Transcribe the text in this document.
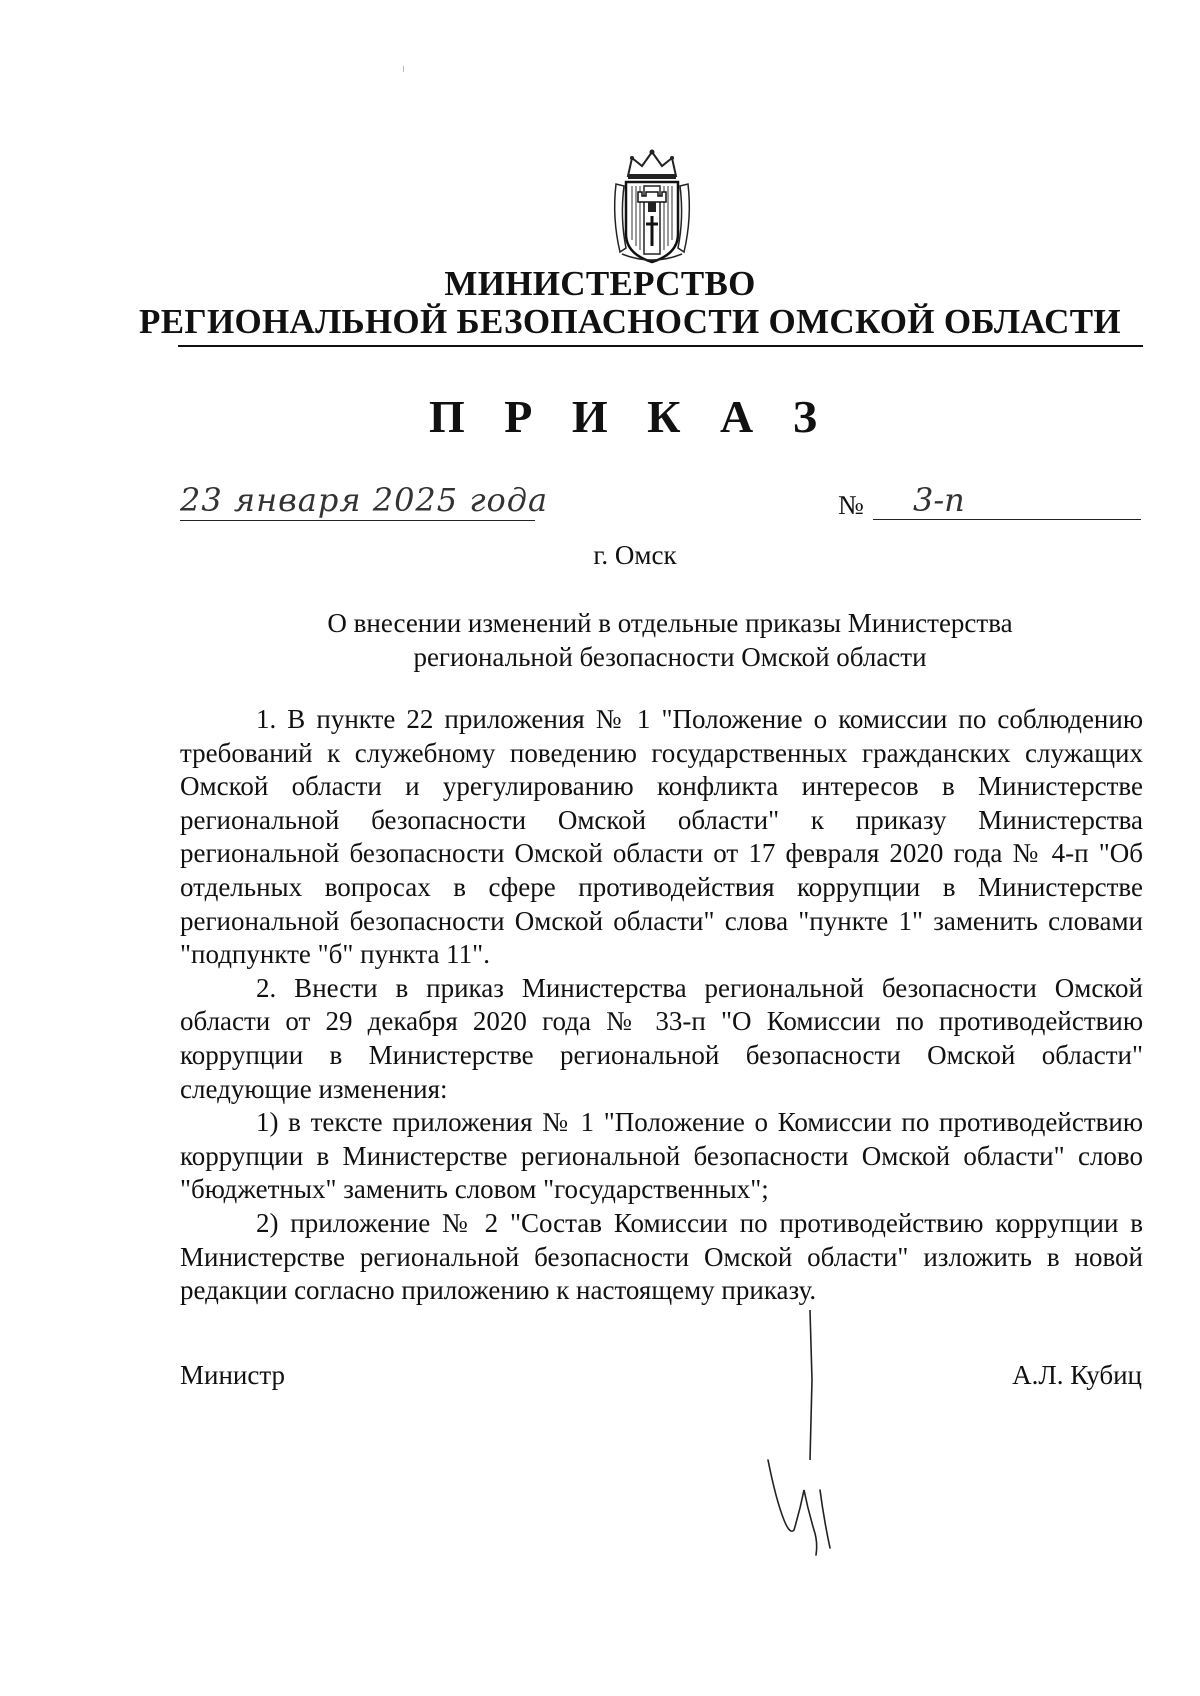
МИНИСТЕРСТВО
РЕГИОНАЛЬНОЙ БЕЗОПАСНОСТИ ОМСКОЙ ОБЛАСТИ
П Р И К А З
23 января 2025 года	№	3-п
г. Омск
О внесении изменений в отдельные приказы Министерства
региональной безопасности Омской области

1. В пункте 22 приложения № 1 "Положение о комиссии по соблюдению требований к служебному поведению государственных гражданских служащих Омской области и урегулированию конфликта интересов в Министерстве региональной безопасности Омской области" к приказу Министерства региональной безопасности Омской области от 17 февраля 2020 года № 4-п "Об отдельных вопросах в сфере противодействия коррупции в Министерстве региональной безопасности Омской области" слова "пункте 1" заменить словами "подпункте "б" пункта 11".

2. Внести в приказ Министерства региональной безопасности Омской области от 29 декабря 2020 года № 33-п "О Комиссии по противодействию коррупции в Министерстве региональной безопасности Омской области" следующие изменения:

1) в тексте приложения № 1 "Положение о Комиссии по противодействию коррупции в Министерстве региональной безопасности Омской области" слово "бюджетных" заменить словом "государственных";

2) приложение № 2 "Состав Комиссии по противодействию коррупции в Министерстве региональной безопасности Омской области" изложить в новой редакции согласно приложению к настоящему приказу.

Министр	А.Л. Кубиц
